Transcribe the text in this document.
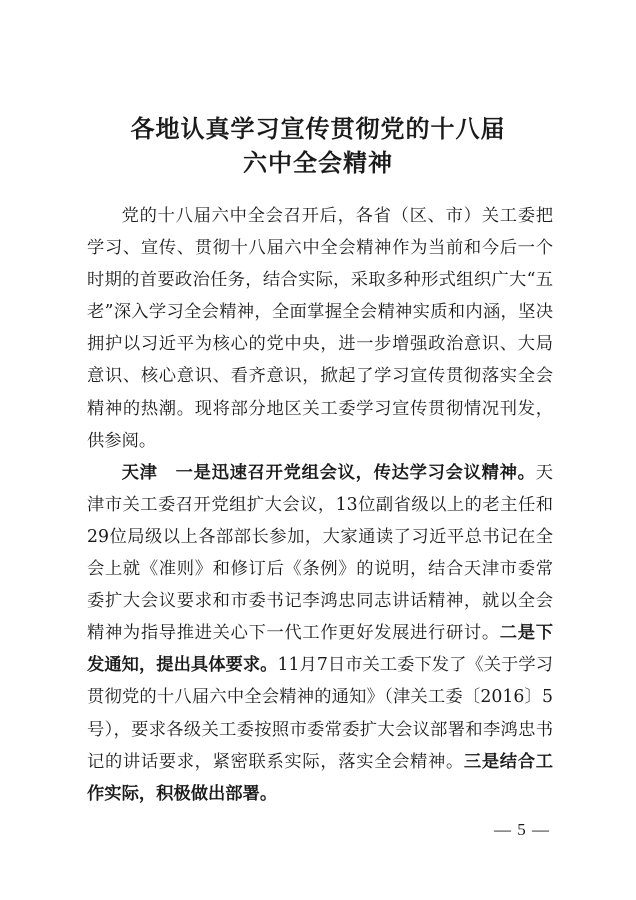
各地认真学习宣传贯彻党的十八届
六中全会精神

党的十八届六中全会召开后，各省（区、市）关工委把学习、宣传、贯彻十八届六中全会精神作为当前和今后一个时期的首要政治任务，结合实际，采取多种形式组织广大“五老”深入学习全会精神，全面掌握全会精神实质和内涵，坚决拥护以习近平为核心的党中央，进一步增强政治意识、大局意识、核心意识、看齐意识，掀起了学习宣传贯彻落实全会精神的热潮。现将部分地区关工委学习宣传贯彻情况刊发，供参阅。

天津　 一是迅速召开党组会议，传达学习会议精神。天津市关工委召开党组扩大会议，13位副省级以上的老主任和29位局级以上各部部长参加，大家通读了习近平总书记在全会上就《准则》和修订后《条例》的说明，结合天津市委常委扩大会议要求和市委书记李鸿忠同志讲话精神，就以全会精神为指导推进关心下一代工作更好发展进行研讨。二是下发通知，提出具体要求。11月7日市关工委下发了《关于学习贯彻党的十八届六中全会精神的通知》（津关工委〔2016〕5号），要求各级关工委按照市委常委扩大会议部署和李鸿忠书记的讲话要求，紧密联系实际，落实全会精神。三是结合工作实际，积极做出部署。

— 5 —
